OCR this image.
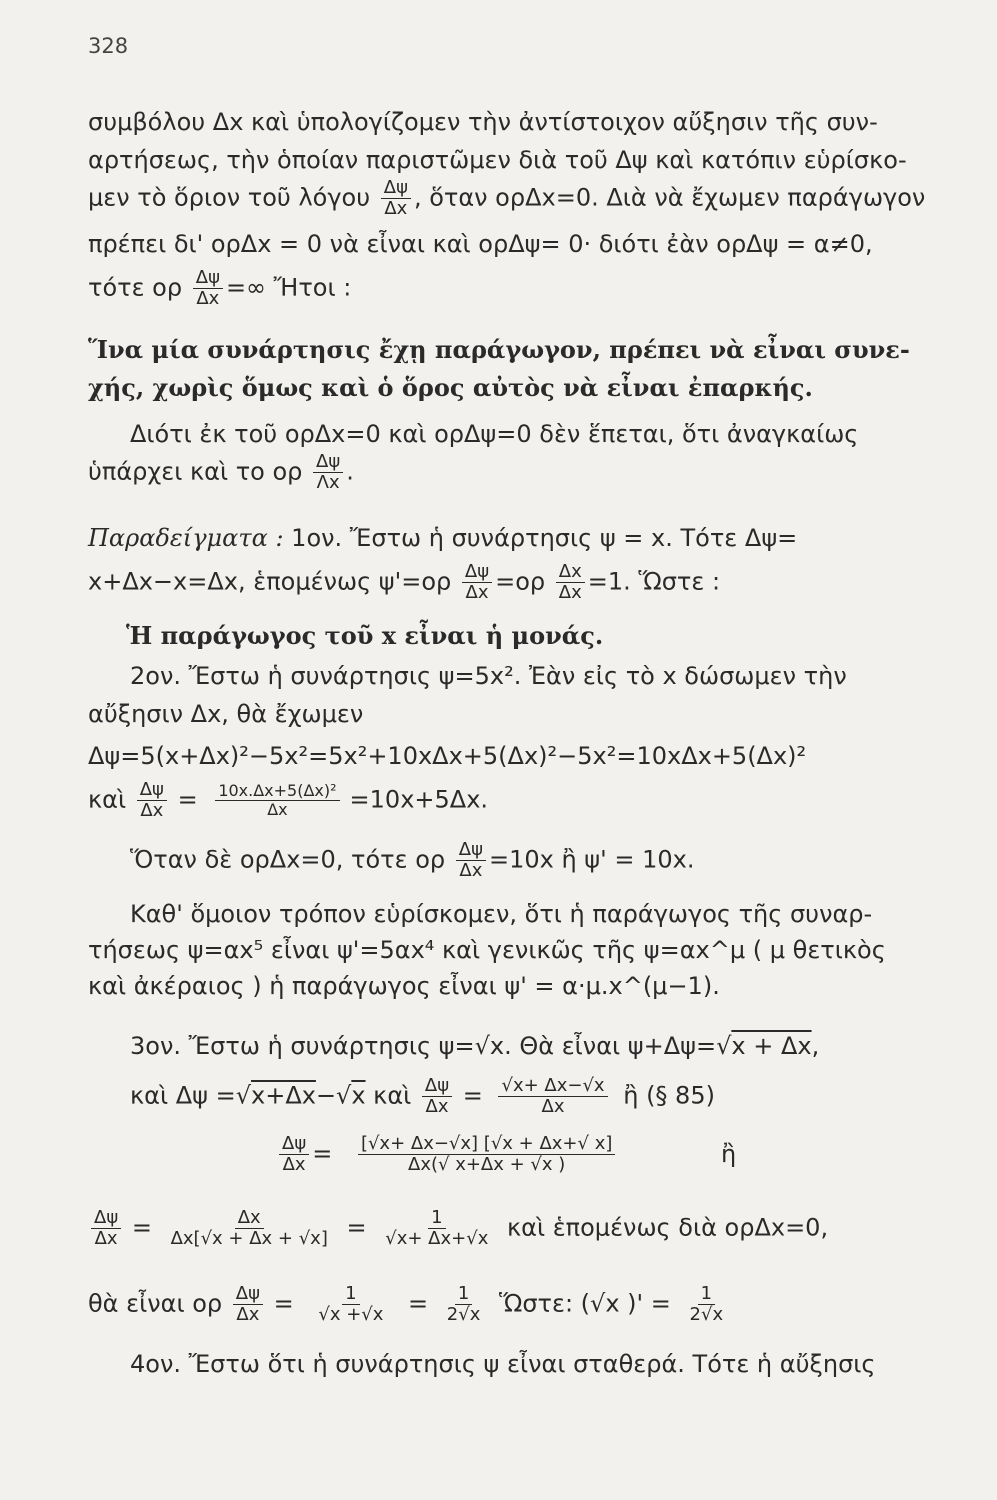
328
συμβόλου Δx καὶ ὑπολογίζομεν τὴν ἀντίστοιχον αὔξησιν τῆς συν-
αρτήσεως, τὴν ὁποίαν παριστῶμεν διὰ τοῦ Δψ καὶ κατόπιν εὑρίσκο-
μεν τὸ ὅριον τοῦ λόγου $\frac{\Delta\psi}{\Delta x}$ , ὅταν ορΔx=0. Διὰ νὰ ἔχωμεν παράγωγον
πρέπει δι' ορΔx = 0 νὰ εἶναι καὶ ορΔψ= 0· διότι ἐὰν ορΔψ = α≠0,
τότε ορ $\frac{\Delta\psi}{\Delta x}$ =∞ Ἤτοι :
Ἵνα μία συνάρτησις ἔχῃ παράγωγον, πρέπει νὰ εἶναι συνε-
χής, χωρὶς ὅμως καὶ ὁ ὅρος αὐτὸς νὰ εἶναι ἐπαρκής.
Διότι ἐκ τοῦ ορΔx=0 καὶ ορΔψ=0 δὲν ἕπεται, ὅτι ἀναγκαίως
ὑπάρχει καὶ το ορ $\frac{\Delta\psi}{\Lambda x}$ .
Παραδείγματα : 1ον. Ἔστω ἡ συνάρτησις ψ = x. Τότε Δψ=
x+Δx−x=Δx, ἑπομένως $\psi'=o\rho \frac{\Delta\psi}{\Delta x} =o\rho \frac{\Delta x}{\Delta x} =1$. Ὥστε :
Ἡ παράγωγος τοῦ x εἶναι ἡ μονάς.
2ον. Ἔστω ἡ συνάρτησις ψ=5x². Ἐὰν εἰς τὸ x δώσωμεν τὴν
αὔξησιν Δx, θὰ ἔχωμεν
Δψ=5(x+Δx)²−5x²=5x²+10xΔx+5(Δx)²−5x²=10xΔx+5(Δx)²
καὶ $\frac{\Delta\psi}{\Delta x} = \frac{\text{10x.Δx+5(Δx)²}}{\Delta x} =10x+5\Delta x$.
Ὅταν δὲ ορΔx=0, τότε ορ $\frac{\Delta\psi}{\Delta x} =10x$ ἢ ψ' = 10x.
Καθ' ὅμοιον τρόπον εὑρίσκομεν, ὅτι ἡ παράγωγος τῆς συναρ-
τήσεως ψ=αx⁵ εἶναι ψ'=5αx⁴ καὶ γενικῶς τῆς ψ=αx^μ ( μ θετικὸς
καὶ ἀκέραιος ) ἡ παράγωγος εἶναι ψ' = α·μ.x^(μ−1).
3ον. Ἔστω ἡ συνάρτησις ψ=√x. Θὰ εἶναι ψ+Δψ=√x + Δx,
καὶ Δψ =√x+Δx−√x καὶ $\frac{\Delta\psi}{\Delta x} = \frac{√x+ \Delta x-√x}{\Delta x}$ ἢ (§ 85)
$\frac{\Delta\psi}{\Delta x} = \frac{[√x+ \Delta x-√x] [√x + \Delta x+√ x]}{\Delta x(√ x+\Delta x + √x )}$	ἢ
$\frac{\Delta\psi}{\Delta x} = \frac{\Delta x}{\Delta x[√x + \Delta x + √x]} = \frac{1}{√x+ \Delta x+√x}$ καὶ ἑπομένως διὰ ορΔx=0,
θὰ εἶναι ορ $\frac{\Delta\psi}{\Delta x} = \frac{1}{√x +√x} = \frac{1}{2√x}$ Ὥστε: (√x )' = $\frac{1}{2√x}$
4ον. Ἔστω ὅτι ἡ συνάρτησις ψ εἶναι σταθερά. Τότε ἡ αὔξησις
